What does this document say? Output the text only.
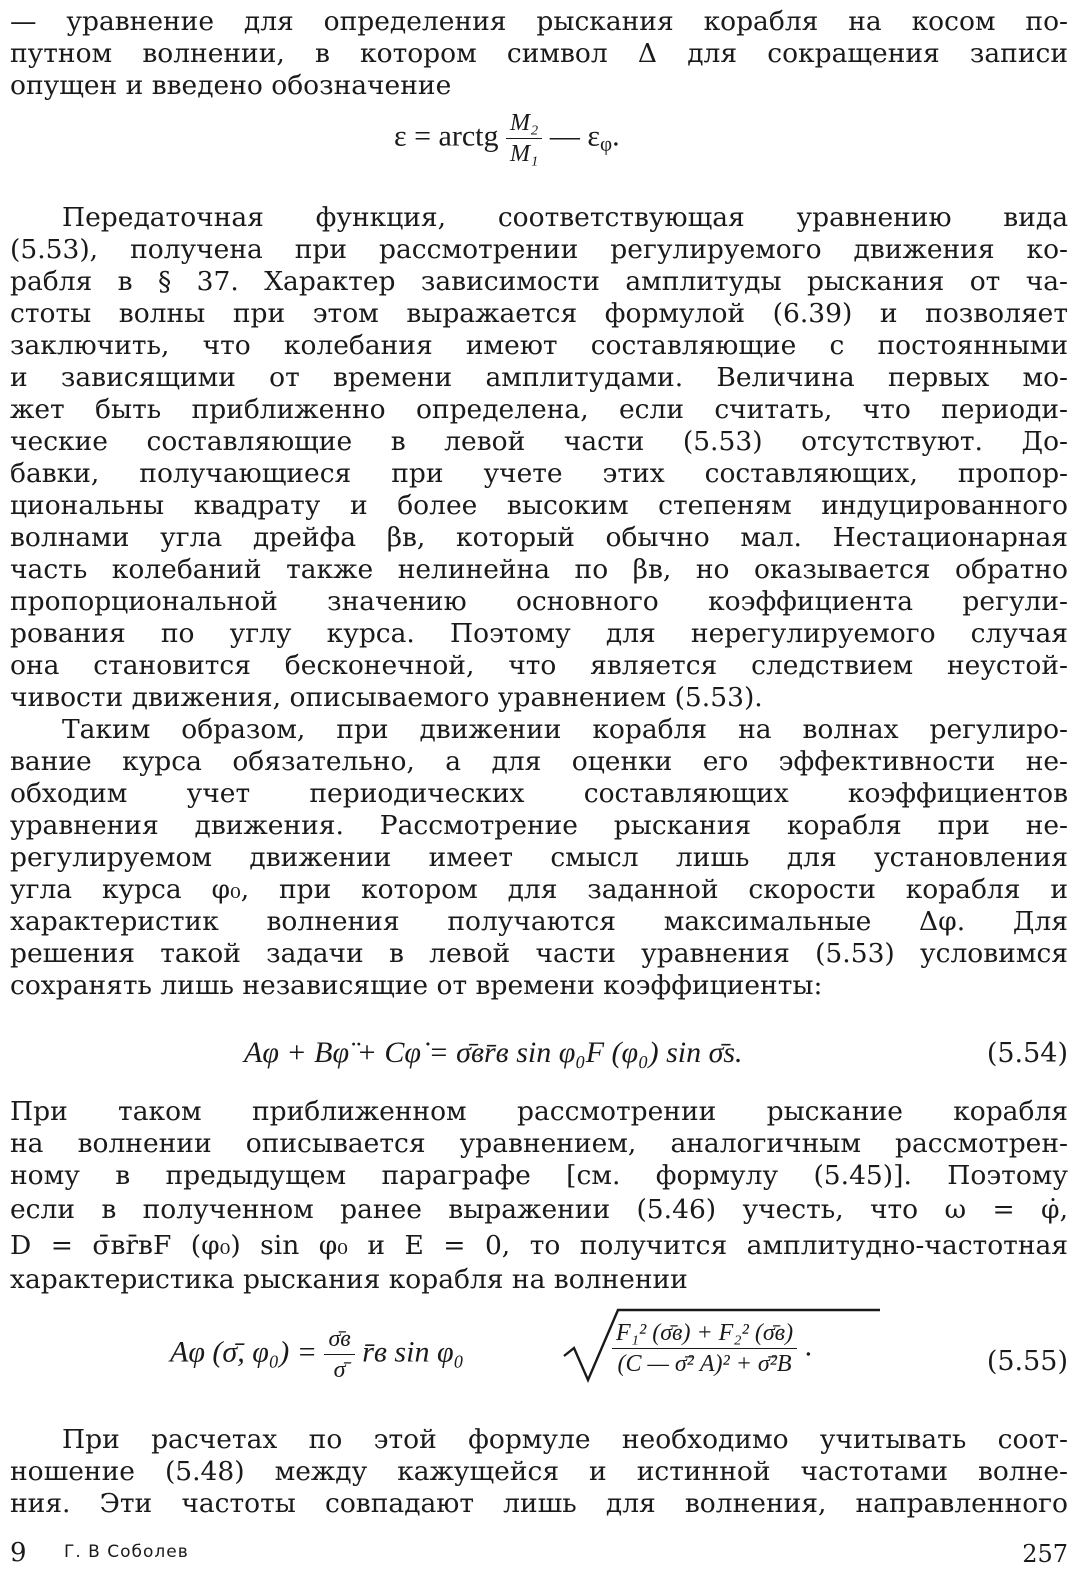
— уравнение для определения рыскания корабля на косом по-
путном волнении, в котором символ Δ для сокращения записи
опущен и введено обозначение
ε = arctg $\frac{\text{M₂}}{\text{M₁}}$ — $\varepsilon_\varphi$.
Передаточная функция, соответствующая уравнению вида
(5.53), получена при рассмотрении регулируемого движения ко-
рабля в § 37. Характер зависимости амплитуды рыскания от ча-
стоты волны при этом выражается формулой (6.39) и позволяет
заключить, что колебания имеют составляющие с постоянными
и зависящими от времени амплитудами. Величина первых мо-
жет быть приближенно определена, если считать, что периоди-
ческие составляющие в левой части (5.53) отсутствуют. До-
бавки, получающиеся при учете этих составляющих, пропор-
циональны квадрату и более высоким степеням индуцированного
волнами угла дрейфа βв, который обычно мал. Нестационарная
часть колебаний также нелинейна по βв, но оказывается обратно
пропорциональной значению основного коэффициента регули-
рования по углу курса. Поэтому для нерегулируемого случая
она становится бесконечной, что является следствием неустой-
чивости движения, описываемого уравнением (5.53).
Таким образом, при движении корабля на волнах регулиро-
вание курса обязательно, а для оценки его эффективности не-
обходим учет периодических составляющих коэффициентов
уравнения движения. Рассмотрение рыскания корабля при не-
регулируемом движении имеет смысл лишь для установления
угла курса φ₀, при котором для заданной скорости корабля и
характеристик волнения получаются максимальные Δφ. Для
решения такой задачи в левой части уравнения (5.53) условимся
сохранять лишь независящие от времени коэффициенты:
Aφ + Bφ̈ + Cφ̇ = σ̄вr̄в sin φ₀F (φ₀) sin σ̄s.	(5.54)
При таком приближенном рассмотрении рыскание корабля
на волнении описывается уравнением, аналогичным рассмотрен-
ному в предыдущем параграфе [см. формулу (5.45)]. Поэтому
если в полученном ранее выражении (5.46) учесть, что ω = φ̇,
D = σ̄вr̄вF (φ₀) sin φ₀ и E = 0, то получится амплитудно-частотная
характеристика рыскания корабля на волнении
Aφ (σ̄, $\varphi_0) = \frac{\sigmāв}{\sigmā}$ r̄в sin φ₀	$\frac{\text{F₁² (σ̄в) + F₂² (σ̄в)}}{\text{(C — σ̄² A)² + σ̄²B}}$ .	(5.55)
При расчетах по этой формуле необходимо учитывать соот-
ношение (5.48) между кажущейся и истинной частотами волне-
ния. Эти частоты совпадают лишь для волнения, направленного
9 Г. В Соболев	257
